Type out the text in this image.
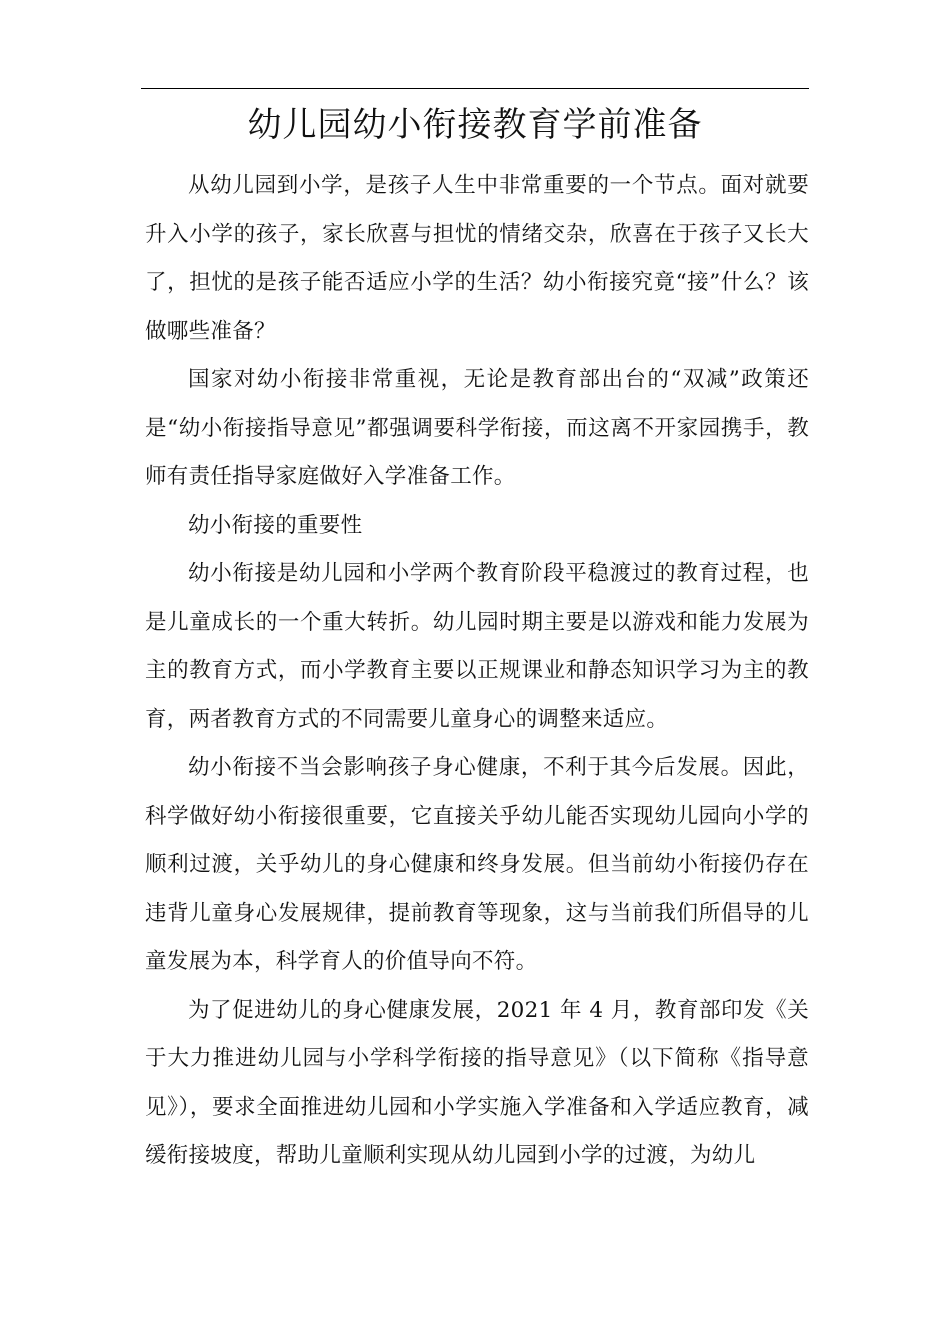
幼儿园幼小衔接教育学前准备

从幼儿园到小学，是孩子人生中非常重要的一个节点。面对就要升入小学的孩子，家长欣喜与担忧的情绪交杂，欣喜在于孩子又长大了，担忧的是孩子能否适应小学的生活？幼小衔接究竟“接”什么？该做哪些准备？

国家对幼小衔接非常重视，无论是教育部出台的“双减”政策还是“幼小衔接指导意见”都强调要科学衔接，而这离不开家园携手，教师有责任指导家庭做好入学准备工作。

幼小衔接的重要性

幼小衔接是幼儿园和小学两个教育阶段平稳渡过的教育过程，也是儿童成长的一个重大转折。幼儿园时期主要是以游戏和能力发展为主的教育方式，而小学教育主要以正规课业和静态知识学习为主的教育，两者教育方式的不同需要儿童身心的调整来适应。

幼小衔接不当会影响孩子身心健康，不利于其今后发展。因此，科学做好幼小衔接很重要，它直接关乎幼儿能否实现幼儿园向小学的顺利过渡，关乎幼儿的身心健康和终身发展。但当前幼小衔接仍存在违背儿童身心发展规律，提前教育等现象，这与当前我们所倡导的儿童发展为本，科学育人的价值导向不符。

为了促进幼儿的身心健康发展，2021 年 4 月，教育部印发《关于大力推进幼儿园与小学科学衔接的指导意见》（以下简称《指导意见》），要求全面推进幼儿园和小学实施入学准备和入学适应教育，减缓衔接坡度，帮助儿童顺利实现从幼儿园到小学的过渡，为幼儿
